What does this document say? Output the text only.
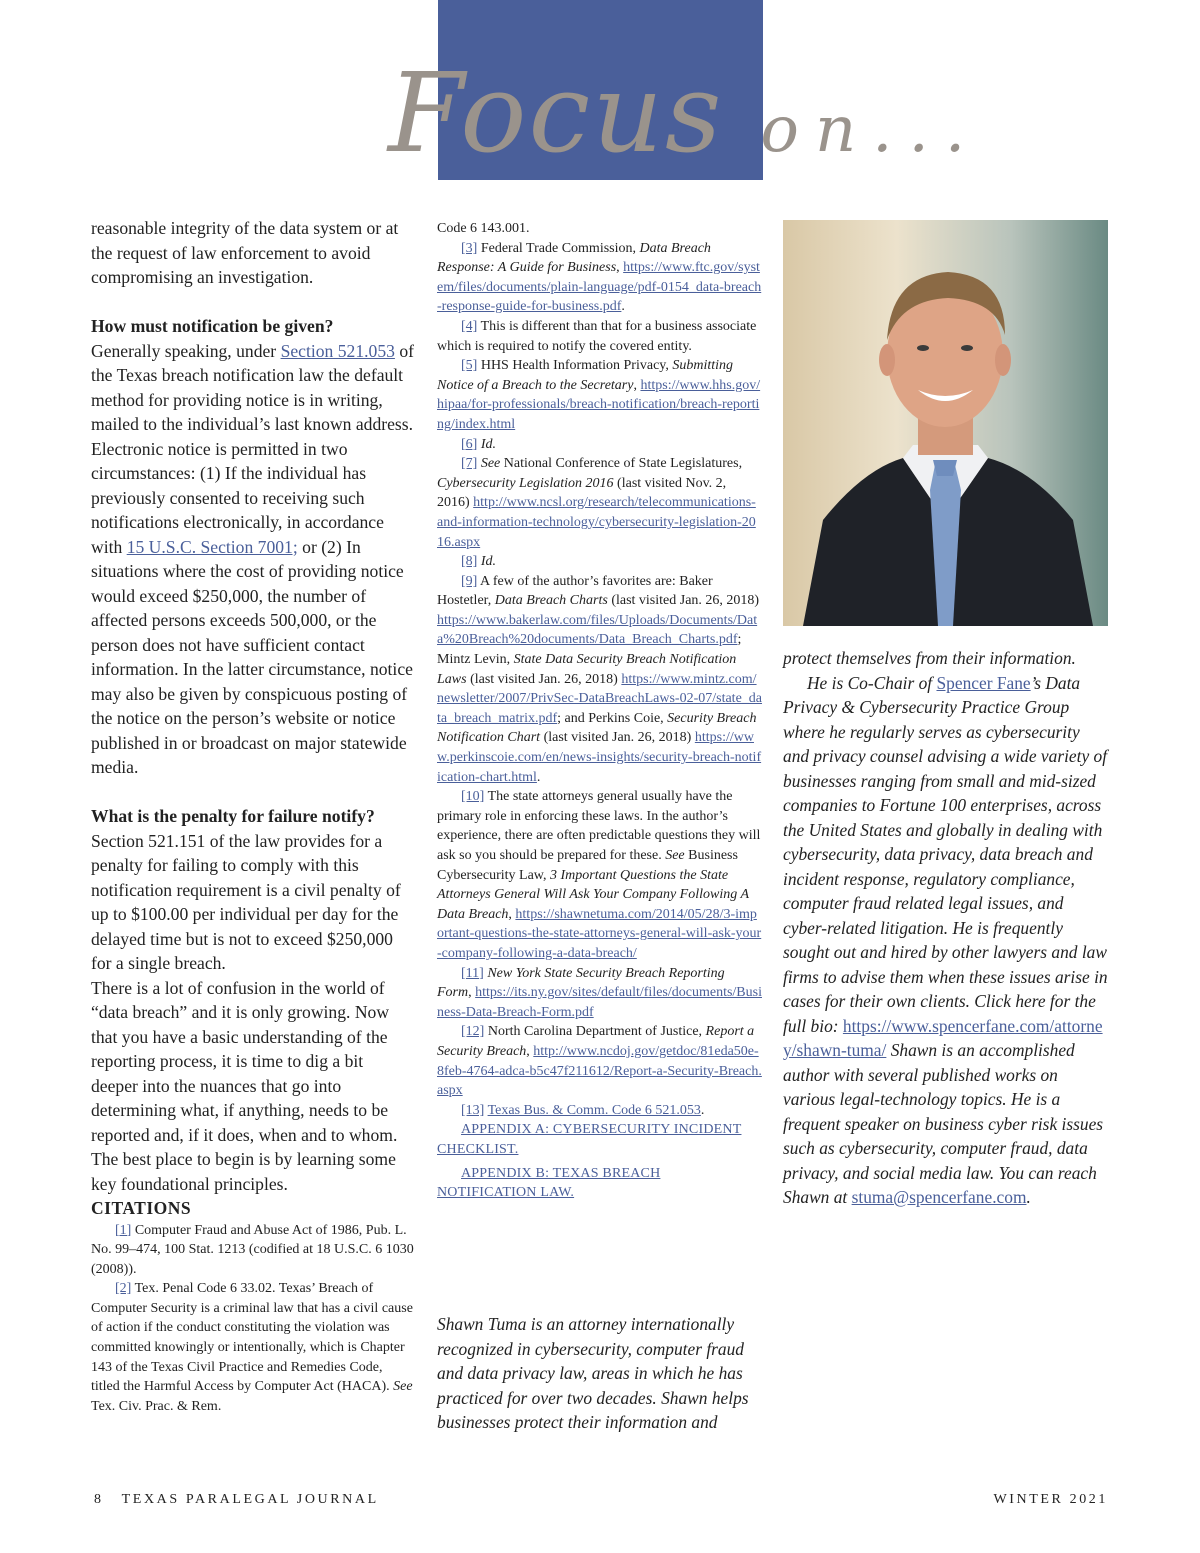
Focus on...

reasonable integrity of the data system or at the request of law enforcement to avoid compromising an investigation.

How must notification be given?

Generally speaking, under Section 521.053 of the Texas breach notification law the default method for providing notice is in writing, mailed to the individual’s last known address. Electronic notice is permitted in two circumstances: (1) If the individual has previously consented to receiving such notifications electronically, in accordance with 15 U.S.C. Section 7001; or (2) In situations where the cost of providing notice would exceed $250,000, the number of affected persons exceeds 500,000, or the person does not have sufficient contact information. In the latter circumstance, notice may also be given by conspicuous posting of the notice on the person’s website or notice published in or broadcast on major statewide media.

What is the penalty for failure notify?

Section 521.151 of the law provides for a penalty for failing to comply with this notification requirement is a civil penalty of up to $100.00 per individual per day for the delayed time but is not to exceed $250,000 for a single breach.

There is a lot of confusion in the world of “data breach” and it is only growing. Now that you have a basic understanding of the reporting process, it is time to dig a bit deeper into the nuances that go into determining what, if anything, needs to be reported and, if it does, when and to whom. The best place to begin is by learning some key foundational principles.

CITATIONS

[1] Computer Fraud and Abuse Act of 1986, Pub. L. No. 99–474, 100 Stat. 1213 (codified at 18 U.S.C. 6 1030 (2008)).

[2] Tex. Penal Code 6 33.02. Texas’ Breach of Computer Security is a criminal law that has a civil cause of action if the conduct constituting the violation was committed knowingly or intentionally, which is Chapter 143 of the Texas Civil Practice and Remedies Code, titled the Harmful Access by Computer Act (HACA). See Tex. Civ. Prac. & Rem.

Code 6 143.001.

[3] Federal Trade Commission, Data Breach Response: A Guide for Business, https://www.ftc.gov/system/files/documents/plain-language/pdf-0154_data-breach-response-guide-for-business.pdf.

[4] This is different than that for a business associate which is required to notify the covered entity.

[5] HHS Health Information Privacy, Submitting Notice of a Breach to the Secretary, https://www.hhs.gov/hipaa/for-professionals/breach-notification/breach-reporting/index.html

[6] Id.

[7] See National Conference of State Legislatures, Cybersecurity Legislation 2016 (last visited Nov. 2, 2016) http://www.ncsl.org/research/telecommunications-and-information-technology/cybersecurity-legislation-2016.aspx

[8] Id.

[9] A few of the author’s favorites are: Baker Hostetler, Data Breach Charts (last visited Jan. 26, 2018) https://www.bakerlaw.com/files/Uploads/Documents/Data%20Breach%20documents/Data_Breach_Charts.pdf; Mintz Levin, State Data Security Breach Notification Laws (last visited Jan. 26, 2018) https://www.mintz.com/newsletter/2007/PrivSec-DataBreachLaws-02-07/state_data_breach_matrix.pdf; and Perkins Coie, Security Breach Notification Chart (last visited Jan. 26, 2018) https://www.perkinscoie.com/en/news-insights/security-breach-notification-chart.html.

[10] The state attorneys general usually have the primary role in enforcing these laws. In the author’s experience, there are often predictable questions they will ask so you should be prepared for these. See Business Cybersecurity Law, 3 Important Questions the State Attorneys General Will Ask Your Company Following A Data Breach, https://shawnetuma.com/2014/05/28/3-important-questions-the-state-attorneys-general-will-ask-your-company-following-a-data-breach/

[11] New York State Security Breach Reporting Form, https://its.ny.gov/sites/default/files/documents/Business-Data-Breach-Form.pdf

[12] North Carolina Department of Justice, Report a Security Breach, http://www.ncdoj.gov/getdoc/81eda50e-8feb-4764-adca-b5c47f211612/Report-a-Security-Breach.aspx

[13] Texas Bus. & Comm. Code 6 521.053.

APPENDIX A: CYBERSECURITY INCIDENT CHECKLIST.

APPENDIX B: TEXAS BREACH NOTIFICATION LAW.

Shawn Tuma is an attorney internationally recognized in cybersecurity, computer fraud and data privacy law, areas in which he has practiced for over two decades. Shawn helps businesses protect their information and

protect themselves from their information.

He is Co-Chair of Spencer Fane’s Data Privacy & Cybersecurity Practice Group where he regularly serves as cybersecurity and privacy counsel advising a wide variety of businesses ranging from small and mid-sized companies to Fortune 100 enterprises, across the United States and globally in dealing with cybersecurity, data privacy, data breach and incident response, regulatory compliance, computer fraud related legal issues, and cyber-related litigation. He is frequently sought out and hired by other lawyers and law firms to advise them when these issues arise in cases for their own clients. Click here for the full bio: https://www.spencerfane.com/attorney/shawn-tuma/ Shawn is an accomplished author with several published works on various legal-technology topics. He is a frequent speaker on business cyber risk issues such as cybersecurity, computer fraud, data privacy, and social media law. You can reach Shawn at stuma@spencerfane.com.

8   TEXAS PARALEGAL JOURNAL	WINTER 2021
